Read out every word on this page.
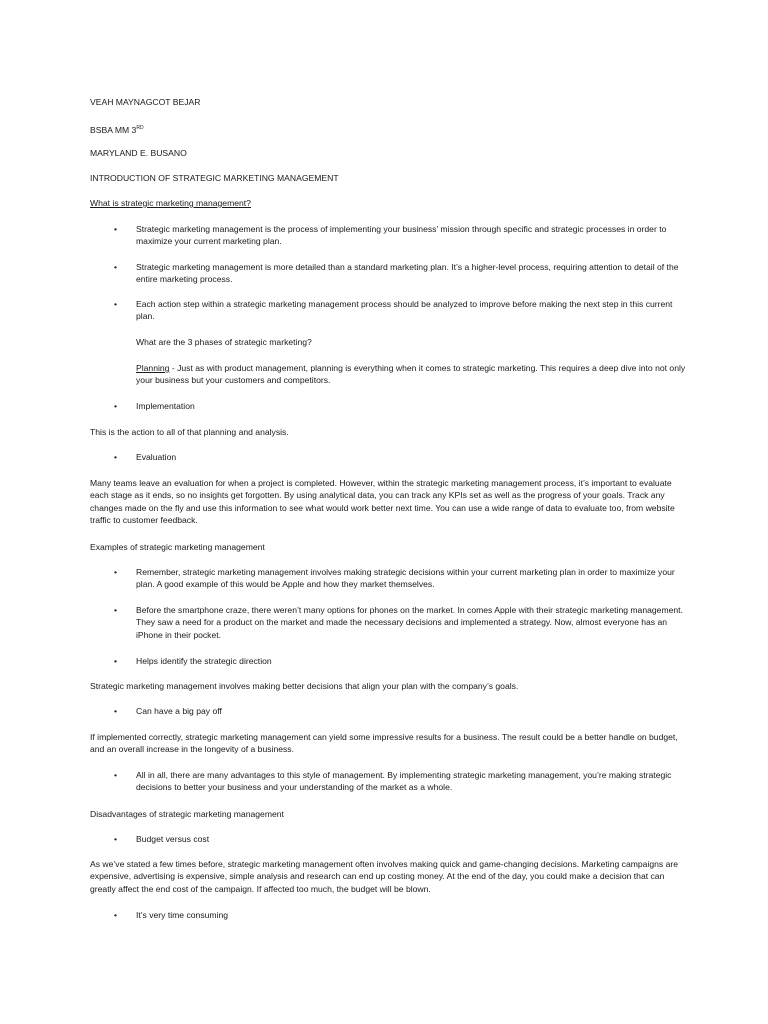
VEAH MAYNAGCOT BEJAR

BSBA MM 3RD

MARYLAND E. BUSANO

INTRODUCTION OF STRATEGIC MARKETING MANAGEMENT

What is strategic marketing management?

• Strategic marketing management is the process of implementing your business’ mission through specific and strategic processes in order to maximize your current marketing plan.

• Strategic marketing management is more detailed than a standard marketing plan. It’s a higher-level process, requiring attention to detail of the entire marketing process.

• Each action step within a strategic marketing management process should be analyzed to improve before making the next step in this current plan.

What are the 3 phases of strategic marketing?

Planning - Just as with product management, planning is everything when it comes to strategic marketing. This requires a deep dive into not only your business but your customers and competitors.

• Implementation

This is the action to all of that planning and analysis.

• Evaluation

Many teams leave an evaluation for when a project is completed. However, within the strategic marketing management process, it’s important to evaluate each stage as it ends, so no insights get forgotten. By using analytical data, you can track any KPIs set as well as the progress of your goals. Track any changes made on the fly and use this information to see what would work better next time. You can use a wide range of data to evaluate too, from website traffic to customer feedback.

Examples of strategic marketing management

• Remember, strategic marketing management involves making strategic decisions within your current marketing plan in order to maximize your plan. A good example of this would be Apple and how they market themselves.

• Before the smartphone craze, there weren’t many options for phones on the market. In comes Apple with their strategic marketing management. They saw a need for a product on the market and made the necessary decisions and implemented a strategy. Now, almost everyone has an iPhone in their pocket.

• Helps identify the strategic direction

Strategic marketing management involves making better decisions that align your plan with the company’s goals.

• Can have a big pay off

If implemented correctly, strategic marketing management can yield some impressive results for a business. The result could be a better handle on budget, and an overall increase in the longevity of a business.

• All in all, there are many advantages to this style of management. By implementing strategic marketing management, you’re making strategic decisions to better your business and your understanding of the market as a whole.

Disadvantages of strategic marketing management

• Budget versus cost

As we’ve stated a few times before, strategic marketing management often involves making quick and game-changing decisions. Marketing campaigns are expensive, advertising is expensive, simple analysis and research can end up costing money. At the end of the day, you could make a decision that can greatly affect the end cost of the campaign. If affected too much, the budget will be blown.

• It’s very time consuming
